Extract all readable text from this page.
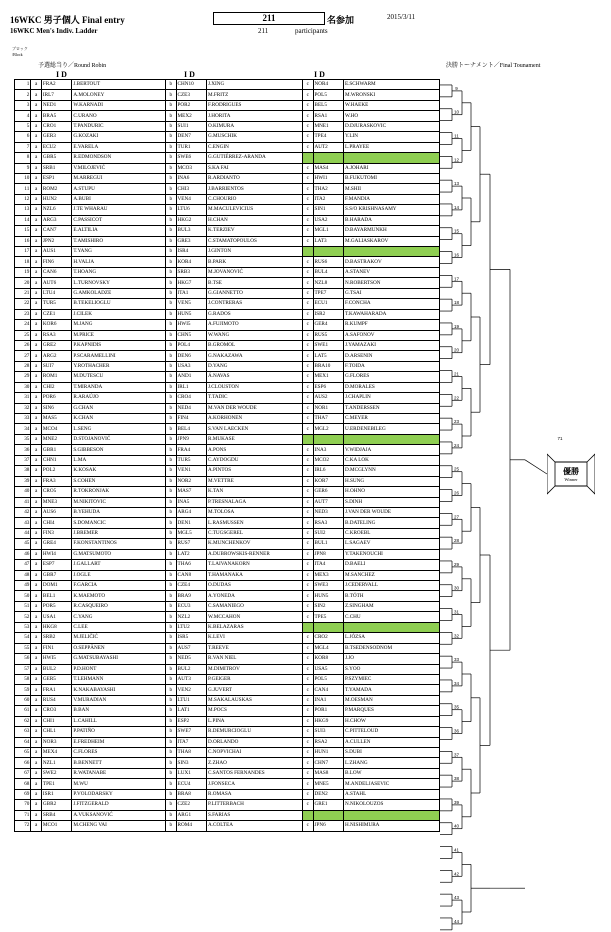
16WKC 男子個人 Final entry
16WKC Men's Indiv. Ladder
211	名参加	2015/3/11
211	participants
ブロック
/Block
予選総当り／Round Robin	決勝トーナメント／Final Tounament
I D	I D	I D
1	a	FRA2	J.BERTOUT	b	CHN10	J.XING	c	NOR4	E.SCHWARM
2	a	IRL7	A.MOLONEY	b	CZE3	M.FRITZ	c	POL5	M.WRONSKI
3	a	NED1	W.KARNADI	b	POR2	F.RODRIGUES	c	BEL5	W.HAEKE
4	a	BRA5	C.URANO	b	MEX2	J.HORITA	c	RSA1	W.HO
5	a	CRO1	T.PANDURIC	b	SUI1	O.KIMURA	c	MNE1	D.DJURASKOVIC
6	a	GER3	G.KOZAKI	b	DEN7	G.MUSCHIK	c	TPE4	Y.LIN
7	a	ECU2	E.VARELA	b	TUR1	C.ENGIN	c	AUT2	L.PRAYEE
8	a	GBR5	R.EDMONDSON	b	SWE6	G.GUTIÉRREZ-ARANDA			
9	a	SRB1	V.MILOJEVIĆ	b	MCO3	S.KA FAI	c	MAS4	A.JOHARI
10	a	ESP1	M.ARREGUI	b	INA6	R.ARDIANTO	c	HWI1	B.FUKUTOMI
11	a	ROM2	A.STUPU	b	CHI3	J.BARRIENTOS	c	THA2	M.SHII
12	a	HUN2	A.BUBI	b	VEN4	C.CHOURIO	c	ITA2	F.MANDIA
13	a	NZL6	J.TE WHARAU	b	LTU6	M.MACULEVICIUS	c	SIN1	S.S/O KRISHNASAMY
14	a	ARG3	C.PASSICOT	b	HKG2	H.CHAN	c	USA2	B.HARADA
15	a	CAN7	E.ALTILIA	b	BUL3	K.TERZIEV	c	MGL1	D.BAYARMUNKH
16	a	JPN2	T.AMISHIRO	b	GRE3	C.STAMATOPOULOS	c	LAT3	M.GALIASKAROV
17	a	AUS1	T.YANG	b	ISR4	J.GINTON			
18	a	FIN6	H.VALJA	b	KOR4	B.PARK	c	RUS6	D.BASTRAKOV
19	a	CAN6	T.HOANG	b	SRB3	M.JOVANOVIĆ	c	BUL4	A.STANEV
20	a	AUT6	L.TURNOVSKY	b	HKG7	B.TSE	c	NZL8	N.ROBERTSON
21	a	LTU4	G.AMKOLADZE	b	ITA1	G.GIANNETTO	c	TPE7	G.TSAI
22	a	TUR5	B.TEKELIOGLU	b	VEN5	J.CONTRERAS	c	ECU1	F.CONCHA
23	a	CZE1	J.CILEK	b	HUN5	G.RADOS	c	ISR2	T.KAWAHARADA
24	a	KOR6	M.JANG	b	HWI5	A.FUJIMOTO	c	GER4	R.KUMPF
25	a	RSA3	M.PRICE	b	CHN5	W.WANG	c	RUS5	A.SAFONOV
26	a	GRE2	P.KAPNIDIS	b	POL4	B.GROMOL	c	SWE1	J.YAMAZAKI
27	a	ARG2	P.SCARAMELLINI	b	DEN6	G.NAKAZAWA	c	LAT5	D.ARSENIN
28	a	SUI7	Y.ROTHACHER	b	USA3	D.YANG	c	BRA10	F.TOIDA
29	a	ROM1	M.DUTESCU	b	AND1	Á.NAVAS	c	MEX1	G.FLORES
30	a	CHI2	T.MIRANDA	b	IRL1	J.CLOUSTON	c	ESP6	D.MORALES
31	a	POR6	R.ARAÚJO	b	CRO4	T.TADIC	c	AUS2	J.CHAPLIN
32	a	SIN6	G.CHAN	b	NED4	M.VAN DER WOUDE	c	NOR1	T.ANDERSSEN
33	a	MAS5	K.CHAN	b	FIN4	A.KORHONEN	c	THA7	C.MEYER
34	a	MCO4	L.SENG	b	BEL4	S.VAN LAECKEN	c	MGL2	U.ERDENEBILEG
35	a	MNE2	D.STOJANOVIĆ	b	JPN9	R.MUKASE			
36	a	GBR1	S.GIBBESON	b	FRA4	A.PONS	c	INA3	V.WIDJAJA
37	a	CHN1	L.MA	b	TUR5	C.AYDOGDU	c	MCO2	C.KA LOK
38	a	POL2	K.KOSAK	b	VEN1	A.PINTOS	c	IRL6	D.MCGLYNN
39	a	FRA3	S.COHEN	b	NOR2	M.VETTRE	c	KOR7	H.SUNG
40	a	CRO5	R.TOKRONJAK	b	MAS7	K.TAN	c	GER6	H.OHNO
41	a	MNE3	M.NIKITOVIC	b	INA5	P.TRESNALAGA	c	AUT7	S.DINH
42	a	AUS6	B.YEHUDA	b	ARG4	M.TOLOSA	c	NED3	J.VAN DER WOUDE
43	a	CHI4	S.DOMANCIC	b	DEN1	L.RASMUSSEN	c	RSA3	B.DATELING
44	a	FIN3	J.BREMER	b	MGL5	C.TUGSGEREL	c	SUI2	C.KROEBL
45	a	GRE4	F.KONSTANTINOS	b	RUS7	K.MUNCHENKOV	c	BUL1	L.SAGAEV
46	a	HWI4	G.MATSUMOTO	b	LAT2	A.DUBROWSKIS-RENNER	c	JPN8	Y.TAKENOUCHI
47	a	ESP7	J.GALLART	b	THA6	T.LAIVANAKORN	c	ITA4	D.BAELI
48	a	GBR7	J.OGLE	b	CAN8	T.HAMANAKA	c	MEX3	M.SANCHEZ
49	a	DOM1	F.GARCIA	b	CZE4	O.DUDAS	c	SWE3	J.CEDERVALL
50	a	BEL1	K.MAEMOTO	b	BRA9	A.YONEDA	c	HUN5	B.TÓTH
51	a	POR5	R.CASQUEIRO	b	ECU3	C.SAMANIEGO	c	SIN2	Z.SINGHAM
52	a	USA1	C.YANG	b	NZL2	W.MCCAHON	c	TPE5	C.CHU
53	a	HKG8	C.LEE	b	LTU2	K.BELAZARAS			
54	a	SRB2	M.JELIČIĆ	b	ISR5	K.LEVI	c	CRO2	L.JÓZSA
55	a	FIN1	O.SEPPÄNEN	b	AUS7	T.REEVE	c	MGL4	B.TSEDENSODNOM
56	a	HWI5	G.MATSUBAYASHI	b	NED5	R.VAN NIEL	c	KOR8	J.JO
57	a	BUL2	P.D.HONT	b	BUL2	M.DIMITROV	c	USA5	S.YOO
58	a	GER5	T.LEHMANN	b	AUT3	P.GEIGER	c	POL5	P.SZYMIEC
59	a	FRA1	K.NAKABAYASHI	b	VEN2	G.JUVERT	c	CAN4	T.YAMADA
60	a	RUS4	V.MURADIAN	b	LTU1	M.SAKALAUSKAS	c	INA1	M.OESMAN
61	a	CRO3	B.BAN	b	LAT1	M.POCS	c	POR1	P.MARQUES
62	a	CHI1	L.CAHILL	b	ESP2	L.PINA	c	HKG9	H.CHOW
63	a	CHL1	P.PATIÑO	b	SWE7	R.DEMURCIOGLU	c	SUI3	C.PITTELOUD
64	a	NOR3	E.FREDHEIM	b	ITA7	D.ORLANDO	c	RSA2	A.CULLEN
65	a	MEX4	C.FLORES	b	THA8	C.NOPVICHAI	c	HUN1	S.DUBI
66	a	NZL1	B.BENNETT	b	SIN3	Z.ZHAO	c	CHN7	L.ZHANG
67	a	SWE2	R.WATANABE	b	LUX1	C.SANTOS FERNANDES	c	MAS8	B.LOW
68	a	TPE1	M.WU	b	ECU4	J.FONSECA	c	MNE5	M.ANDELJASEVIC
69	a	ISR1	P.VOLODARSKY	b	BRA8	R.OMASA	c	DEN2	A.STAHL
70	a	GBR2	J.FITZGERALD	b	CZE2	P.LITTERBACH	c	GRE1	N.NIKOLOUZOS
71	a	SRB4	A.VUKSANOVIĆ	b	ARG1	S.FARIAS			
72	a	MCO1	M.CHENG VAI	b	ROM4	A.COLTEA	c	JPN6	H.NISHIMURA
9
10
11
12
13
14
15
16
17
18
19
20
21
22
23
24
25
26
27
28
29
30
31
32
33
34
35
36
37
38
39
40
41
42
43
44
71
優勝
Winner
